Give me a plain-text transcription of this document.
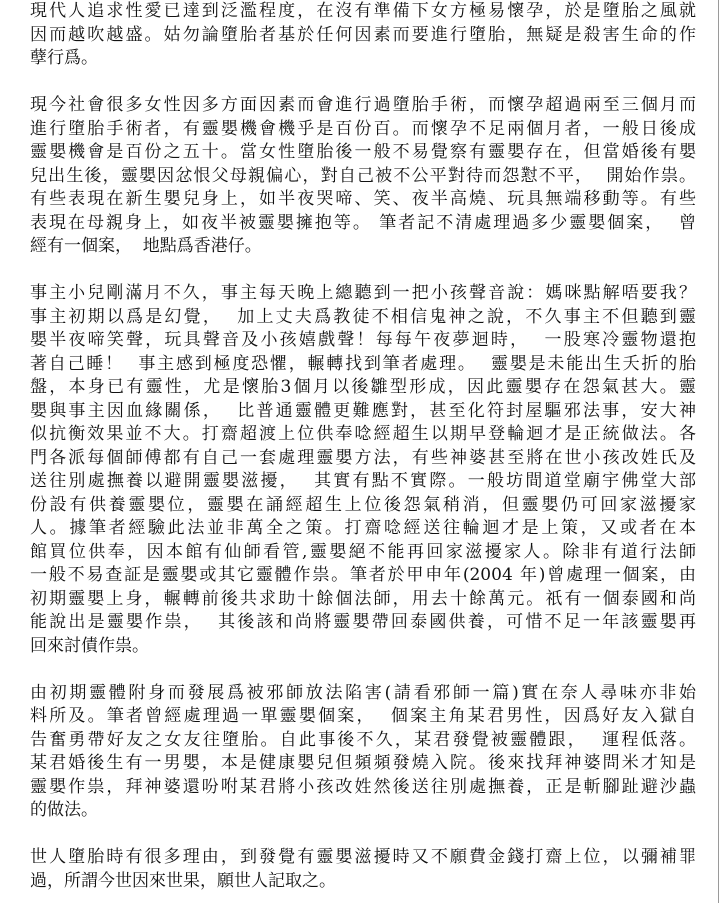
現代人追求性愛已達到泛濫程度，在沒有準備下女方極易懷孕，於是墮胎之風就
因而越吹越盛。姑勿論墮胎者基於任何因素而要進行墮胎，無疑是殺害生命的作
孽行爲。
現今社會很多女性因多方面因素而會進行過墮胎手術，而懷孕超過兩至三個月而
進行墮胎手術者，有靈嬰機會機乎是百份百。而懷孕不足兩個月者，一般日後成
靈嬰機會是百份之五十。當女性墮胎後一般不易覺察有靈嬰存在，但當婚後有嬰
兒出生後，靈嬰因忿恨父母親偏心，對自己被不公平對待而怨懟不平，  開始作祟。
有些表現在新生嬰兒身上，如半夜哭啼、笑、夜半高燒、玩具無端移動等。有些
表現在母親身上，如夜半被靈嬰擁抱等。 筆者記不清處理過多少靈嬰個案，  曾
經有一個案，  地點爲香港仔。
事主小兒剛滿月不久，事主每天晚上總聽到一把小孩聲音說：媽咪點解唔要我？
事主初期以爲是幻覺，  加上丈夫爲教徒不相信鬼神之說，不久事主不但聽到靈
嬰半夜啼笑聲，玩具聲音及小孩嬉戲聲！每每午夜夢迴時，  一股寒冷靈物還抱
著自己睡！  事主感到極度恐懼，輾轉找到筆者處理。  靈嬰是未能出生夭折的胎
盤，本身已有靈性，尤是懷胎3個月以後雛型形成，因此靈嬰存在怨氣甚大。靈
嬰與事主因血緣關係，  比普通靈體更難應對，甚至化符封屋驅邪法事，安大神
似抗衡效果並不大。打齋超渡上位供奉唸經超生以期早登輪迴才是正統做法。各
門各派每個師傅都有自己一套處理靈嬰方法，有些神婆甚至將在世小孩改姓氏及
送往別處撫養以避開靈嬰滋擾，  其實有點不實際。一般坊間道堂廟宇佛堂大部
份設有供養靈嬰位，靈嬰在誦經超生上位後怨氣稍消，但靈嬰仍可回家滋擾家
人。據筆者經驗此法並非萬全之策。打齋唸經送往輪迴才是上策，又或者在本
館買位供奉，因本館有仙師看管,靈嬰絕不能再回家滋擾家人。除非有道行法師
一般不易查証是靈嬰或其它靈體作祟。筆者於甲申年(2004 年)曾處理一個案，由
初期靈嬰上身，輾轉前後共求助十餘個法師，用去十餘萬元。祇有一個泰國和尚
能說出是靈嬰作祟，  其後該和尚將靈嬰帶回泰國供養，可惜不足一年該靈嬰再
回來討債作祟。
由初期靈體附身而發展爲被邪師放法陷害(請看邪師一篇)實在奈人尋味亦非始
料所及。筆者曾經處理過一單靈嬰個案，  個案主角某君男性，因爲好友入獄自
告奮勇帶好友之女友往墮胎。自此事後不久，某君發覺被靈體跟，  運程低落。
某君婚後生有一男嬰，本是健康嬰兒但頻頻發燒入院。後來找拜神婆問米才知是
靈嬰作祟，拜神婆還吩咐某君將小孩改姓然後送往別處撫養，正是斬腳趾避沙蟲
的做法。
世人墮胎時有很多理由，到發覺有靈嬰滋擾時又不願費金錢打齋上位，以彌補罪
過，所謂今世因來世果，願世人記取之。
